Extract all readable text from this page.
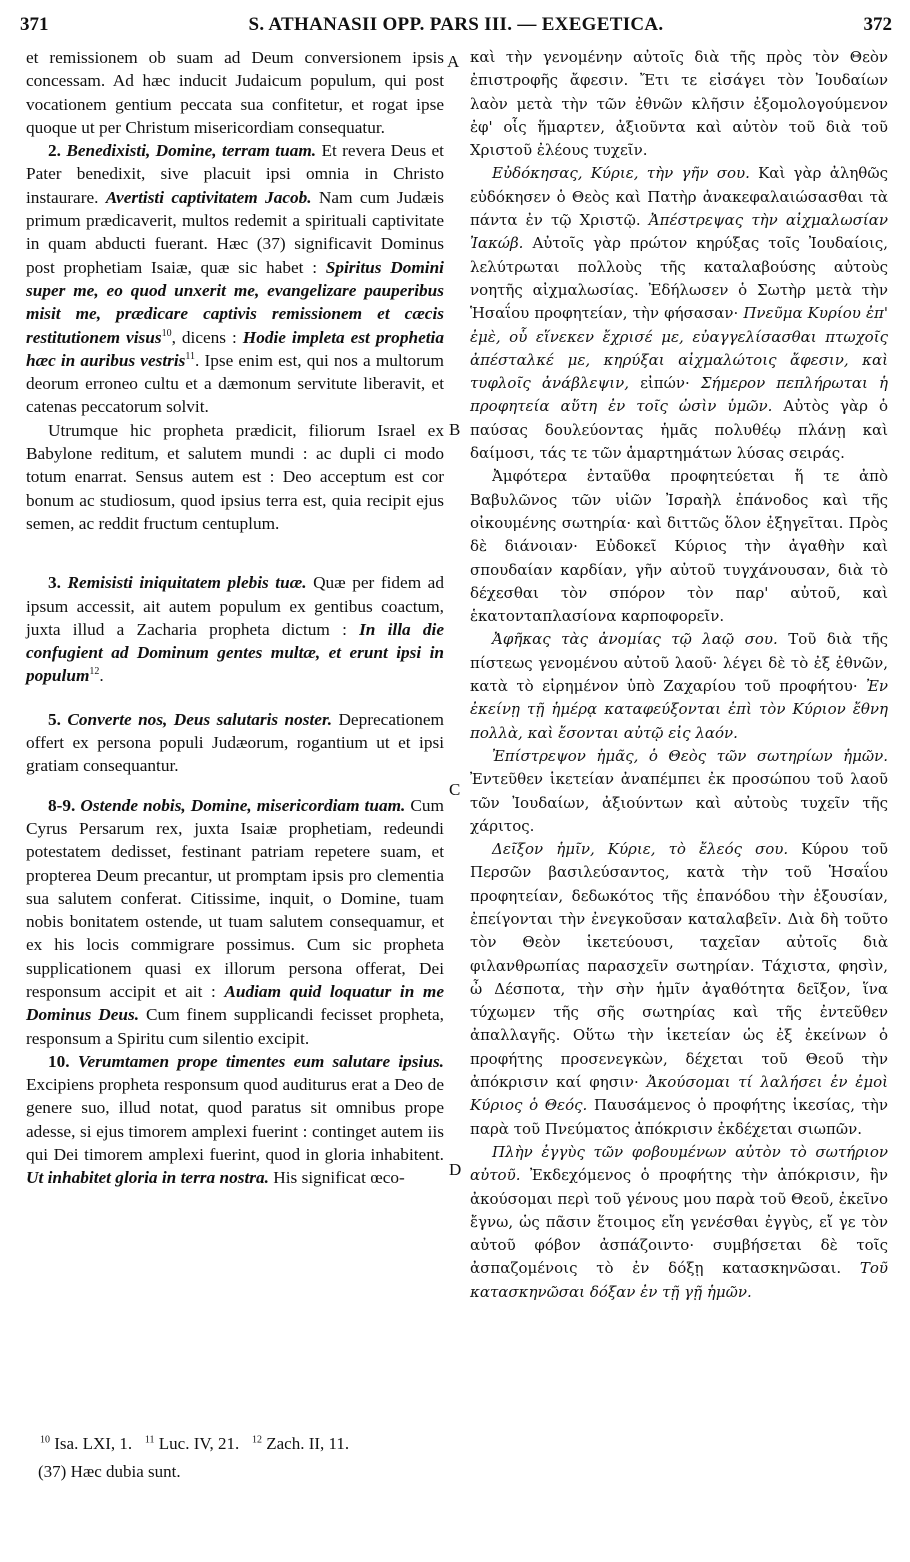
371	S. ATHANASII OPP. PARS III. — EXEGETICA.	372

et remissionem ob suam ad Deum conversionem ipsis concessam. Ad hæc inducit Judaicum populum, qui post vocationem gentium peccata sua confitetur, et rogat ipse quoque ut per Christum misericordiam consequatur.

2. Benedixisti, Domine, terram tuam. Et revera Deus et Pater benedixit, sive placuit ipsi omnia in Christo instaurare. Avertisti captivitatem Jacob. Nam cum Judæis primum prædicaverit, multos redemit a spirituali captivitate in quam abducti fuerant. Hæc (37) significavit Dominus post prophetiam Isaiæ, quæ sic habet : Spiritus Domini super me, eo quod unxerit me, evangelizare pauperibus misit me, prædicare captivis remissionem et cæcis restitutionem visus$^{10}$, dicens : Hodie impleta est prophetia hæc in auribus vestris$^{11}$. Ipse enim est, qui nos a multorum deorum erroneo cultu et a dæmonum servitute liberavit, et catenas peccatorum solvit.

Utrumque hic propheta prædicit, filiorum Israel ex Babylone reditum, et salutem mundi : ac dupli ci modo totum enarrat. Sensus autem est : Deo acceptum est cor bonum ac studiosum, quod ipsius terra est, quia recipit ejus semen, ac reddit fructum centuplum.

3. Remisisti iniquitatem plebis tuæ. Quæ per fidem ad ipsum accessit, ait autem populum ex gentibus coactum, juxta illud a Zacharia propheta dictum : In illa die confugient ad Dominum gentes multæ, et erunt ipsi in populum$^{12}$.

5. Converte nos, Deus salutaris noster. Deprecationem offert ex persona populi Judæorum, rogantium ut et ipsi gratiam consequantur.

8-9. Ostende nobis, Domine, misericordiam tuam. Cum Cyrus Persarum rex, juxta Isaiæ prophetiam, redeundi potestatem dedisset, festinant patriam repetere suam, et propterea Deum precantur, ut promptam ipsis pro clementia sua salutem conferat. Citissime, inquit, o Domine, tuam nobis bonitatem ostende, ut tuam salutem consequamur, et ex his locis commigrare possimus. Cum sic propheta supplicationem quasi ex illorum persona offerat, Dei responsum accipit et ait : Audiam quid loquatur in me Dominus Deus. Cum finem supplicandi fecisset propheta, responsum a Spiritu cum silentio excipit.

10. Verumtamen prope timentes eum salutare ipsius. Excipiens propheta responsum quod auditurus erat a Deo de genere suo, illud notat, quod paratus sit omnibus prope adesse, si ejus timorem amplexi fuerint : continget autem iis qui Dei timorem amplexi fuerint, quod in gloria inhabitent. Ut inhabitet gloria in terra nostra. His significat œco-

καὶ τὴν γενομένην αὐτοῖς διὰ τῆς πρὸς τὸν Θεὸν ἐπιστροφῆς ἄφεσιν. Ἔτι τε εἰσάγει τὸν Ἰουδαίων λαὸν μετὰ τὴν τῶν ἐθνῶν κλῆσιν ἐξομολογούμενον ἐφ' οἷς ἥμαρτεν, ἀξιοῦντα καὶ αὐτὸν τοῦ διὰ τοῦ Χριστοῦ ἐλέους τυχεῖν.

Εὐδόκησας, Κύριε, τὴν γῆν σου. Καὶ γὰρ ἀληθῶς εὐδόκησεν ὁ Θεὸς καὶ Πατὴρ ἀνακεφαλαιώσασθαι τὰ πάντα ἐν τῷ Χριστῷ. Ἀπέστρεψας τὴν αἰχμαλωσίαν Ἰακώβ. Αὐτοῖς γὰρ πρώτον κηρύξας τοῖς Ἰουδαίοις, λελύτρωται πολλοὺς τῆς καταλαβούσης αὐτοὺς νοητῆς αἰχμαλωσίας. Ἐδήλωσεν ὁ Σωτὴρ μετὰ τὴν Ἡσαΐου προφητείαν, τὴν φήσασαν· Πνεῦμα Κυρίου ἐπ' ἐμὲ, οὗ εἵνεκεν ἔχρισέ με, εὐαγγελίσασθαι πτωχοῖς ἀπέσταλκέ με, κηρύξαι αἰχμαλώτοις ἄφεσιν, καὶ τυφλοῖς ἀνάβλεψιν, εἰπών· Σήμερον πεπλήρωται ἡ προφητεία αὕτη ἐν τοῖς ὠσὶν ὑμῶν. Αὐτὸς γὰρ ὁ παύσας δουλεύοντας ἡμᾶς πολυθέῳ πλάνῃ καὶ δαίμοσι, τάς τε τῶν ἁμαρτημάτων λύσας σειράς.

Ἀμφότερα ἐνταῦθα προφητεύεται ἥ τε ἀπὸ Βαβυλῶνος τῶν υἱῶν Ἰσραὴλ ἐπάνοδος καὶ τῆς οἰκουμένης σωτηρία· καὶ διττῶς ὅλον ἐξηγεῖται. Πρὸς δὲ διάνοιαν· Εὐδοκεῖ Κύριος τὴν ἀγαθὴν καὶ σπουδαίαν καρδίαν, γῆν αὐτοῦ τυγχάνουσαν, διὰ τὸ δέχεσθαι τὸν σπόρον τὸν παρ' αὐτοῦ, καὶ ἑκατονταπλασίονα καρποφορεῖν.

Ἀφῆκας τὰς ἀνομίας τῷ λαῷ σου. Τοῦ διὰ τῆς πίστεως γενομένου αὐτοῦ λαοῦ· λέγει δὲ τὸ ἐξ ἐθνῶν, κατὰ τὸ εἰρημένον ὑπὸ Ζαχαρίου τοῦ προφήτου· Ἐν ἐκείνῃ τῇ ἡμέρᾳ καταφεύξονται ἐπὶ τὸν Κύριον ἔθνη πολλὰ, καὶ ἔσονται αὐτῷ εἰς λαόν.

Ἐπίστρεψον ἡμᾶς, ὁ Θεὸς τῶν σωτηρίων ἡμῶν. Ἐντεῦθεν ἱκετείαν ἀναπέμπει ἐκ προσώπου τοῦ λαοῦ τῶν Ἰουδαίων, ἀξιούντων καὶ αὐτοὺς τυχεῖν τῆς χάριτος.

Δεῖξον ἡμῖν, Κύριε, τὸ ἔλεός σου. Κύρου τοῦ Περσῶν βασιλεύσαντος, κατὰ τὴν τοῦ Ἡσαΐου προφητείαν, δεδωκότος τῆς ἐπανόδου τὴν ἐξουσίαν, ἐπείγονται τὴν ἐνεγκοῦσαν καταλαβεῖν. Διὰ δὴ τοῦτο τὸν Θεὸν ἱκετεύουσι, ταχεῖαν αὐτοῖς διὰ φιλανθρωπίας παρασχεῖν σωτηρίαν. Τάχιστα, φησὶν, ὦ Δέσποτα, τὴν σὴν ἡμῖν ἀγαθότητα δεῖξον, ἵνα τύχωμεν τῆς σῆς σωτηρίας καὶ τῆς ἐντεῦθεν ἀπαλλαγῆς. Οὕτω τὴν ἱκετείαν ὡς ἐξ ἐκείνων ὁ προφήτης προσενεγκὼν, δέχεται τοῦ Θεοῦ τὴν ἀπόκρισιν καί φησιν· Ἀκούσομαι τί λαλήσει ἐν ἐμοὶ Κύριος ὁ Θεός. Παυσάμενος ὁ προφήτης ἱκεσίας, τὴν παρὰ τοῦ Πνεύματος ἀπόκρισιν ἐκδέχεται σιωπῶν.

Πλὴν ἐγγὺς τῶν φοβουμένων αὐτὸν τὸ σωτήριον αὐτοῦ. Ἐκδεχόμενος ὁ προφήτης τὴν ἀπόκρισιν, ἣν ἀκούσομαι περὶ τοῦ γένους μου παρὰ τοῦ Θεοῦ, ἐκεῖνο ἔγνω, ὡς πᾶσιν ἕτοιμος εἴη γενέσθαι ἐγγὺς, εἴ γε τὸν αὐτοῦ φόβον ἀσπάζοιντο· συμβήσεται δὲ τοῖς ἀσπαζομένοις τὸ ἐν δόξῃ κατασκηνῶσαι. Τοῦ κατασκηνῶσαι δόξαν ἐν τῇ γῇ ἡμῶν.

A
B
C
D
$^{10}$ Isa. LXI, 1. $^{11}$ Luc. IV, 21. $^{12}$ Zach. II, 11.
(37) Hæc dubia sunt.
